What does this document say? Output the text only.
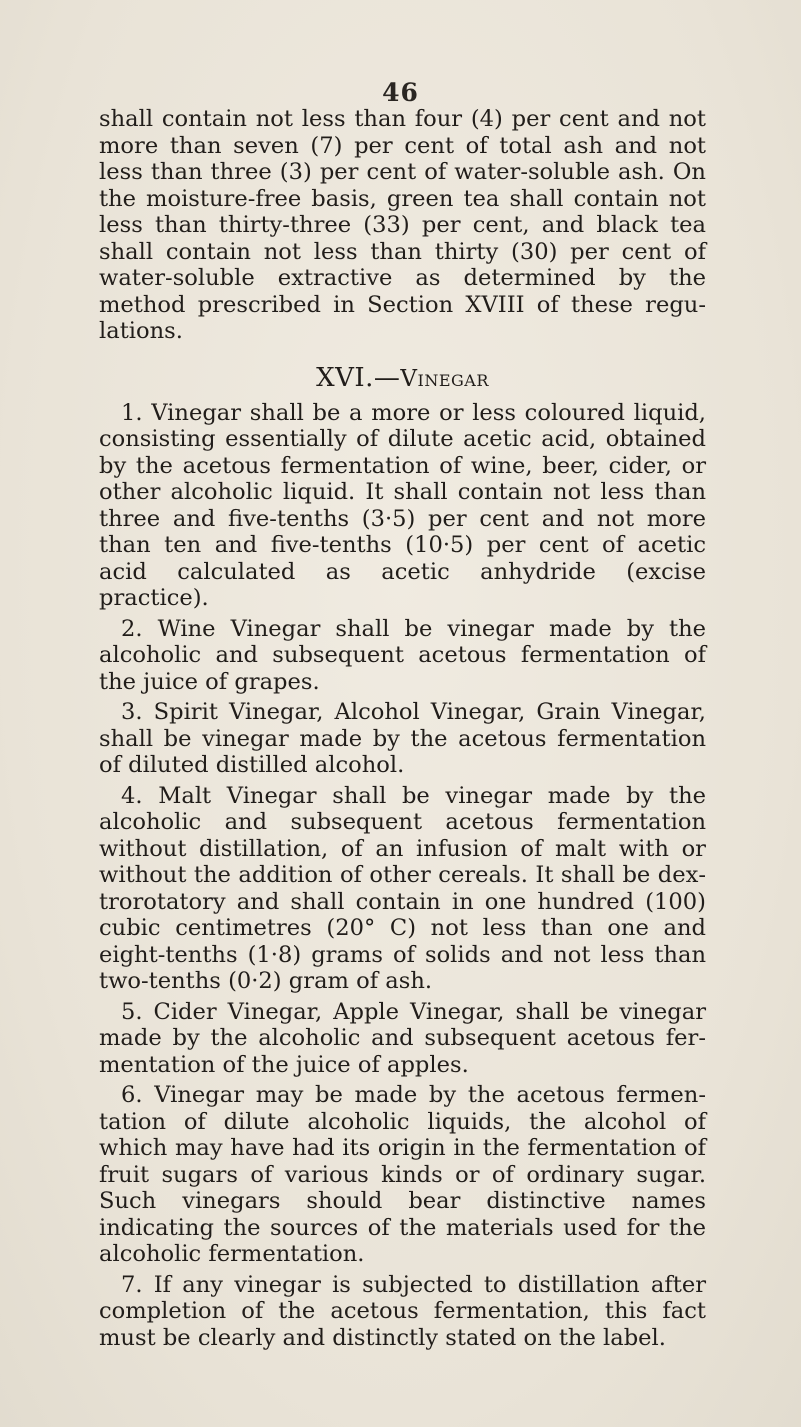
46

shall contain not less than four (4) per cent and not more than seven (7) per cent of total ash and not less than three (3) per cent of water-soluble ash. On the moisture-free basis, green tea shall contain not less than thirty-three (33) per cent, and black tea shall contain not less than thirty (30) per cent of water-soluble extractive as determined by the method prescribed in Section XVIII of these regulations.

XVI.—Vinegar

1. Vinegar shall be a more or less coloured liquid, consisting essentially of dilute acetic acid, obtained by the acetous fermentation of wine, beer, cider, or other alcoholic liquid. It shall contain not less than three and five-tenths (3·5) per cent and not more than ten and five-tenths (10·5) per cent of acetic acid calculated as acetic anhydride (excise practice).

2. Wine Vinegar shall be vinegar made by the alcoholic and subsequent acetous fermentation of the juice of grapes.

3. Spirit Vinegar, Alcohol Vinegar, Grain Vinegar, shall be vinegar made by the acetous fermentation of diluted distilled alcohol.

4. Malt Vinegar shall be vinegar made by the alcoholic and subsequent acetous fermentation without distillation, of an infusion of malt with or without the addition of other cereals. It shall be dextrorotatory and shall contain in one hundred (100) cubic centimetres (20° C) not less than one and eight-tenths (1·8) grams of solids and not less than two-tenths (0·2) gram of ash.

5. Cider Vinegar, Apple Vinegar, shall be vinegar made by the alcoholic and subsequent acetous fermentation of the juice of apples.

6. Vinegar may be made by the acetous fermentation of dilute alcoholic liquids, the alcohol of which may have had its origin in the fermentation of fruit sugars of various kinds or of ordinary sugar. Such vinegars should bear distinctive names indicating the sources of the materials used for the alcoholic fermentation.

7. If any vinegar is subjected to distillation after completion of the acetous fermentation, this fact must be clearly and distinctly stated on the label.
